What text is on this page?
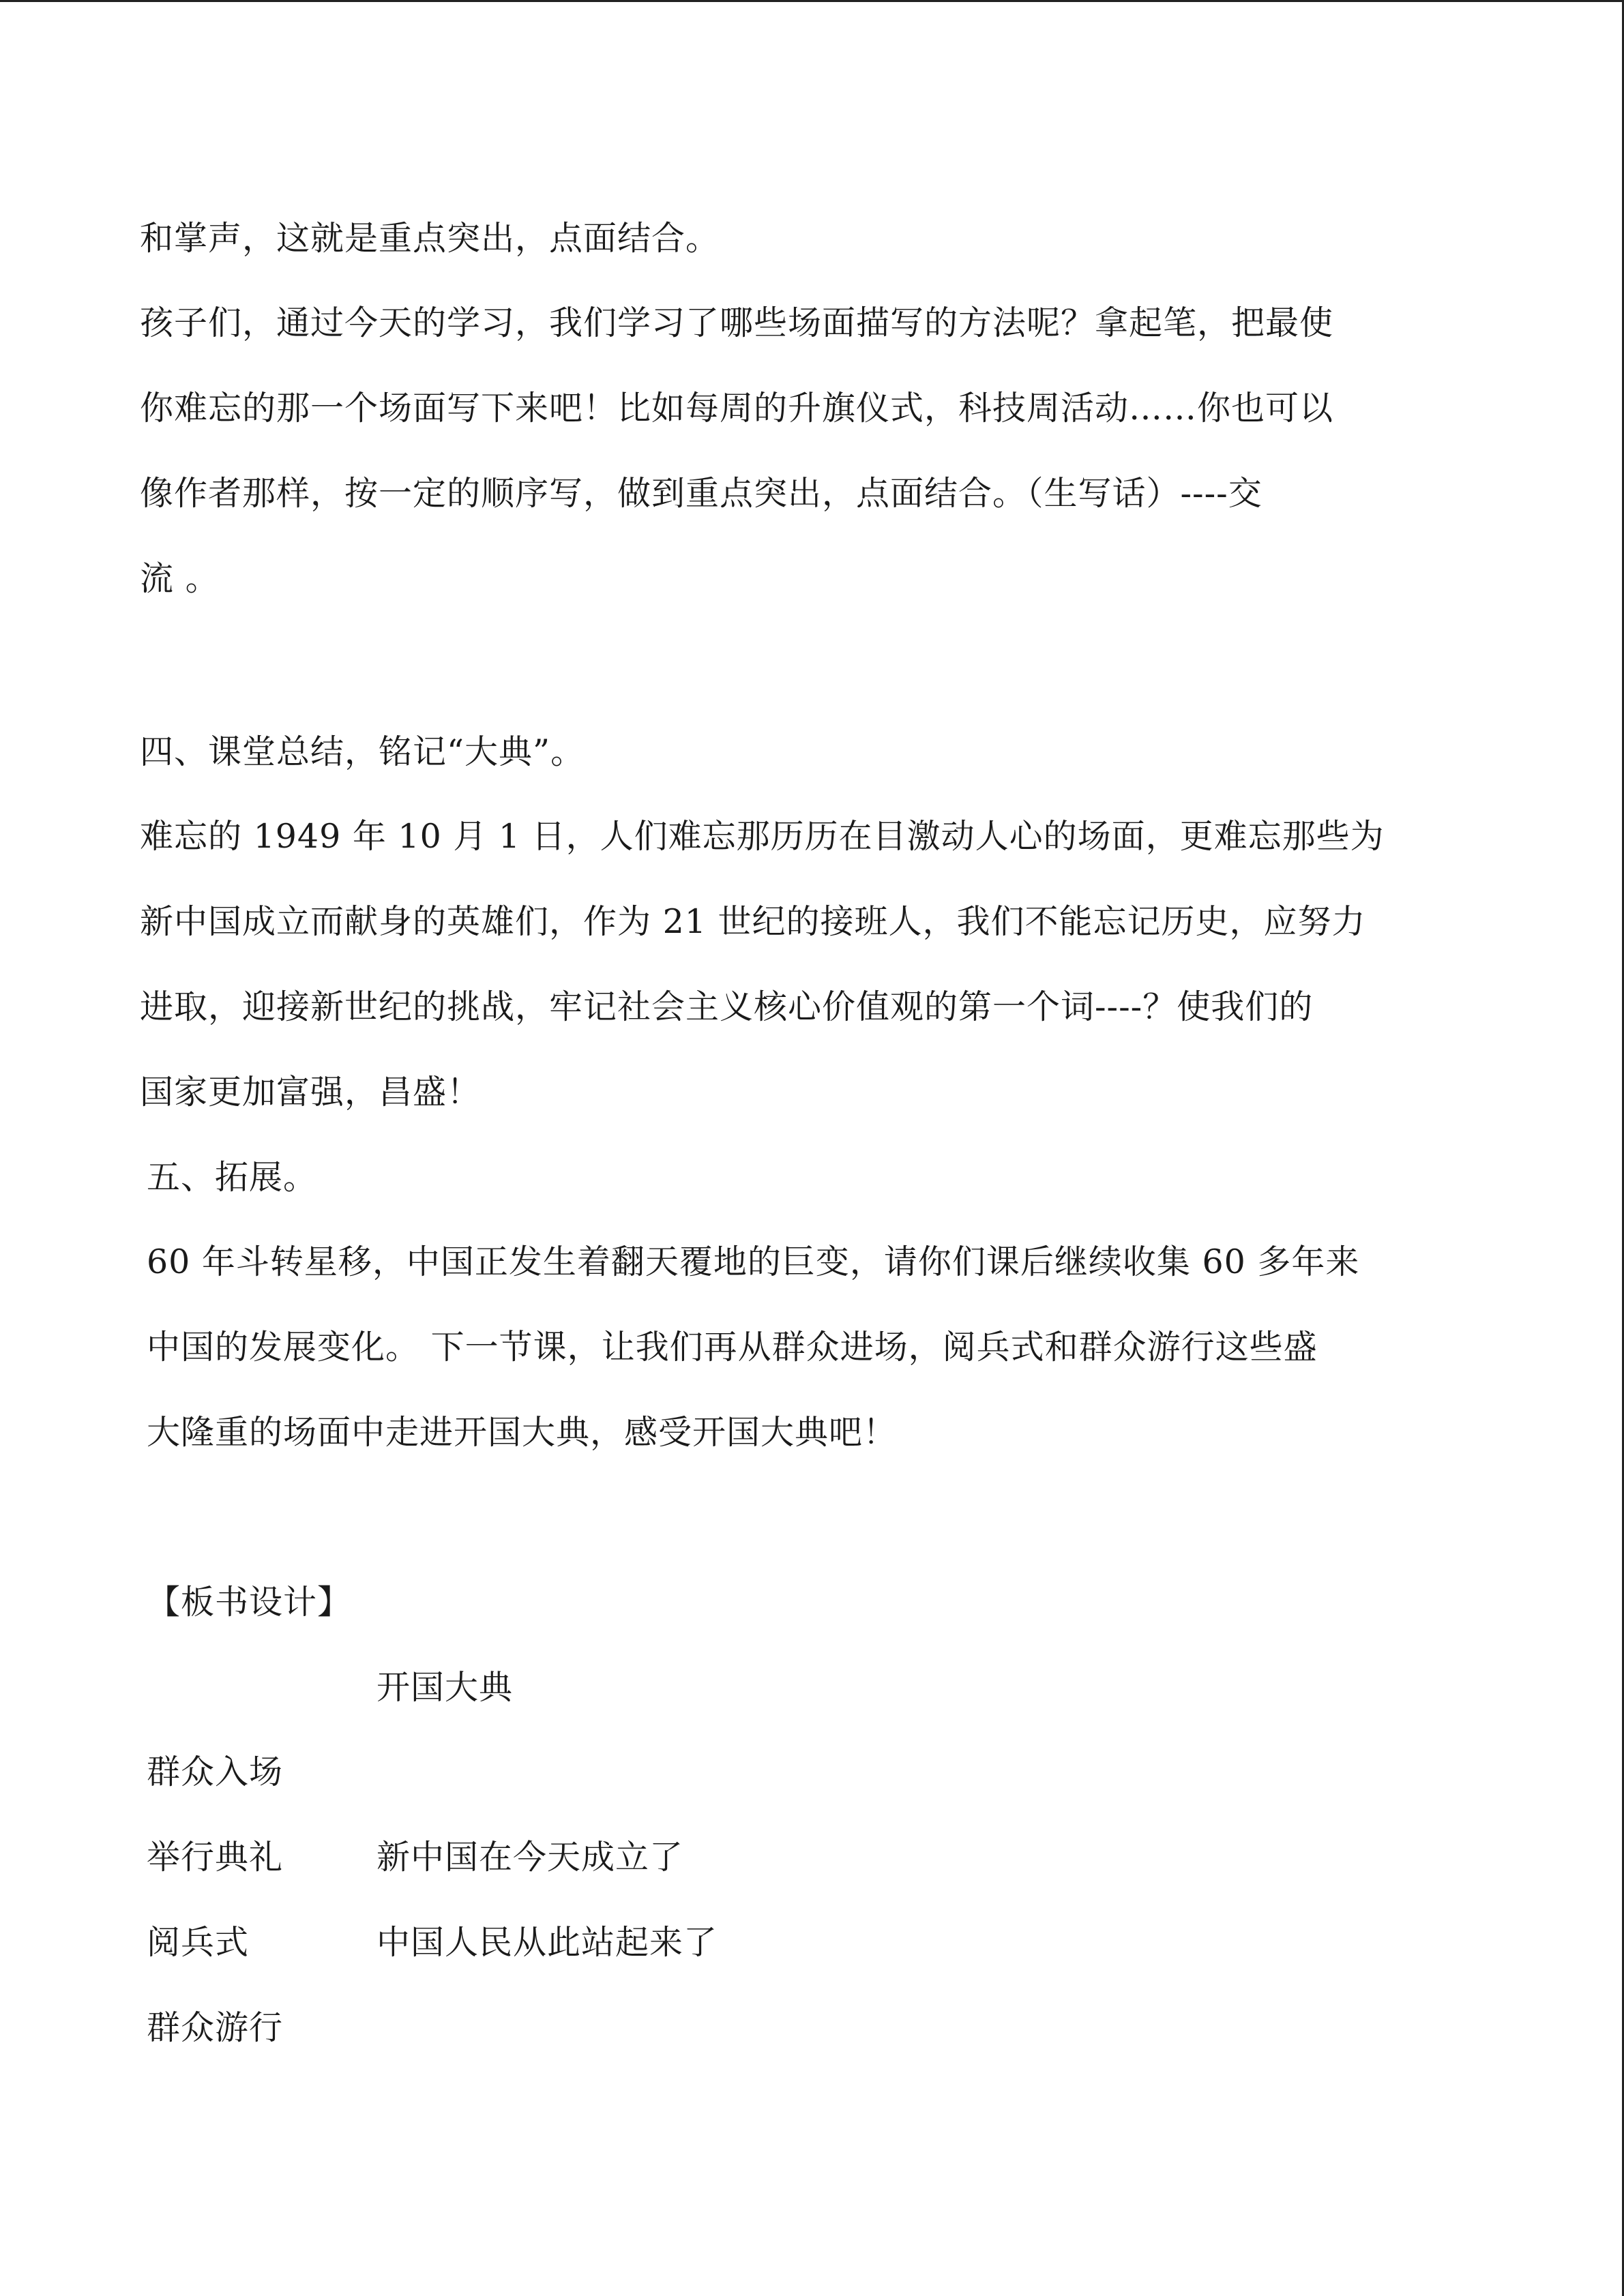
和掌声，这就是重点突出，点面结合。
孩子们，通过今天的学习，我们学习了哪些场面描写的方法呢？拿起笔，把最使
你难忘的那一个场面写下来吧！比如每周的升旗仪式，科技周活动……你也可以
像作者那样，按一定的顺序写，做到重点突出，点面结合。（生写话）----交
流 。
四、课堂总结，铭记“大典”。
难忘的 1949 年 10 月 1 日，人们难忘那历历在目激动人心的场面，更难忘那些为
新中国成立而献身的英雄们，作为 21 世纪的接班人，我们不能忘记历史，应努力
进取，迎接新世纪的挑战，牢记社会主义核心价值观的第一个词----？使我们的
国家更加富强，昌盛！
五、拓展。
60 年斗转星移，中国正发生着翻天覆地的巨变，请你们课后继续收集 60 多年来
中国的发展变化。 下一节课，让我们再从群众进场，阅兵式和群众游行这些盛
大隆重的场面中走进开国大典，感受开国大典吧！
【板书设计】
开国大典
群众入场
举行典礼	新中国在今天成立了
阅兵式	中国人民从此站起来了
群众游行
